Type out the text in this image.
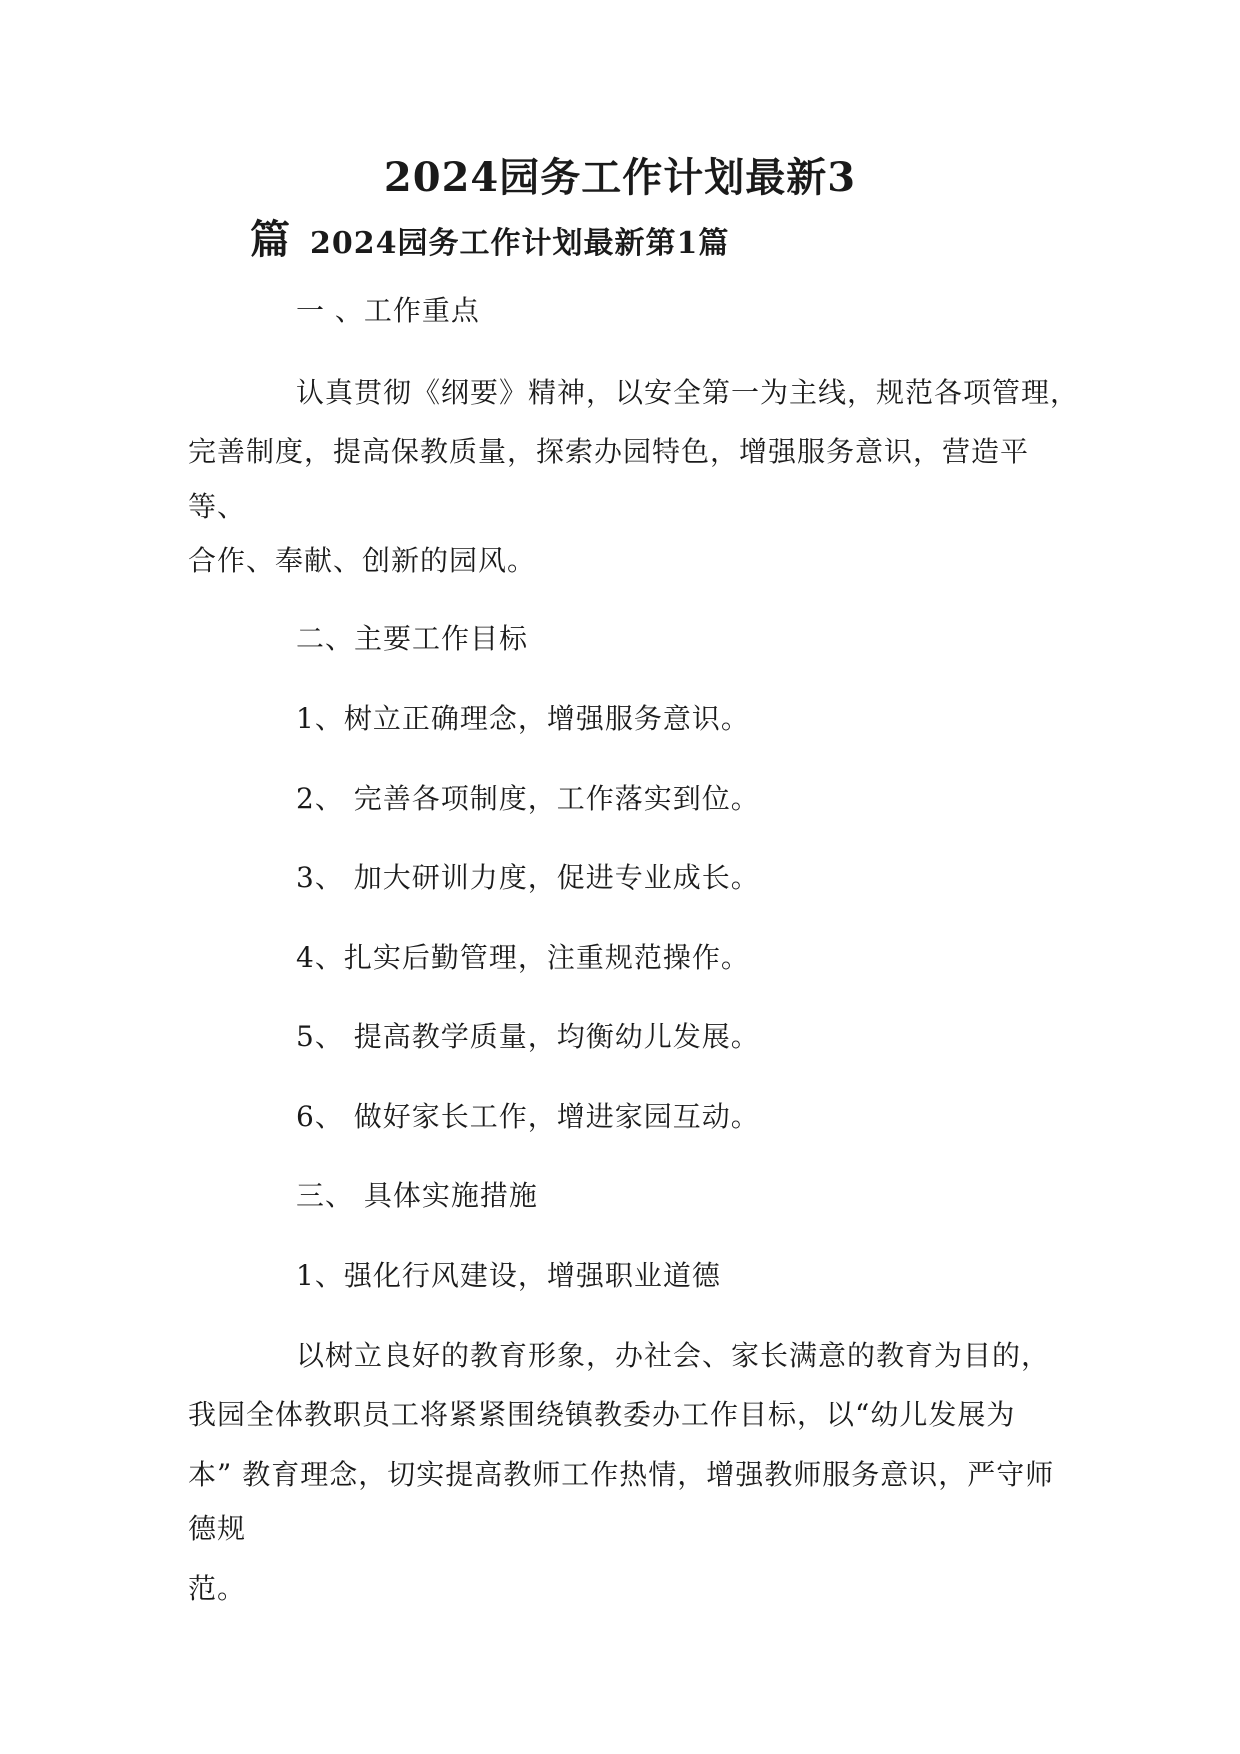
2024园务工作计划最新3
篇 2024园务工作计划最新第1篇
一 、工作重点
认真贯彻《纲要》精神，以安全第一为主线，规范各项管理，
完善制度，提高保教质量，探索办园特色，增强服务意识，营造平
等、
合作、奉献、创新的园风。
二、主要工作目标
1、树立正确理念，增强服务意识。
2、 完善各项制度，工作落实到位。
3、 加大研训力度，促进专业成长。
4、扎实后勤管理，注重规范操作。
5、 提高教学质量，均衡幼儿发展。
6、 做好家长工作，增进家园互动。
三、 具体实施措施
1、强化行风建设，增强职业道德
以树立良好的教育形象，办社会、家长满意的教育为目的，
我园全体教职员工将紧紧围绕镇教委办工作目标，以“幼儿发展为
本” 教育理念，切实提高教师工作热情，增强教师服务意识，严守师
德规
范。
